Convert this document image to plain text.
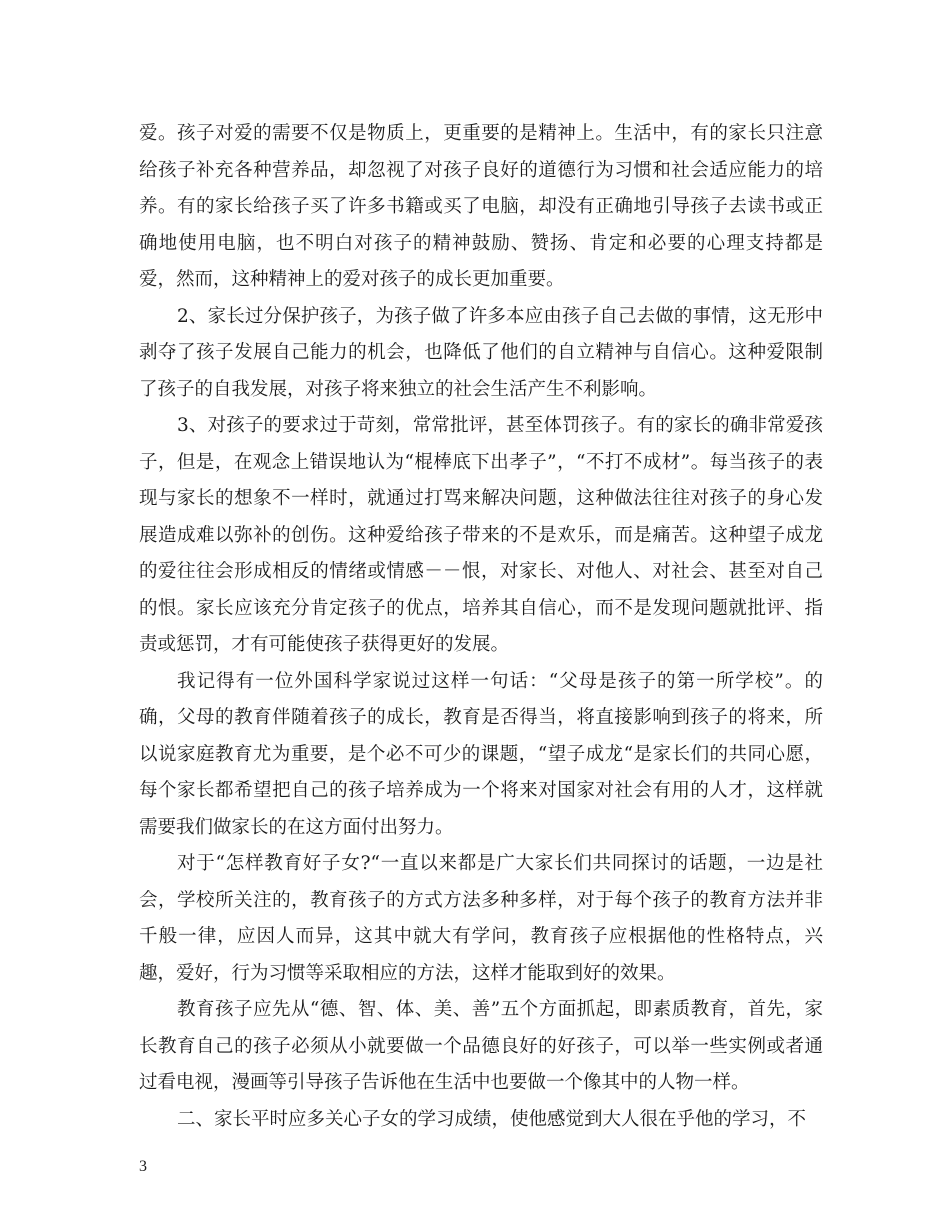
爱。孩子对爱的需要不仅是物质上，更重要的是精神上。生活中，有的家长只注意给孩子补充各种营养品，却忽视了对孩子良好的道德行为习惯和社会适应能力的培养。有的家长给孩子买了许多书籍或买了电脑，却没有正确地引导孩子去读书或正确地使用电脑，也不明白对孩子的精神鼓励、赞扬、肯定和必要的心理支持都是爱，然而，这种精神上的爱对孩子的成长更加重要。

2、家长过分保护孩子，为孩子做了许多本应由孩子自己去做的事情，这无形中剥夺了孩子发展自己能力的机会，也降低了他们的自立精神与自信心。这种爱限制了孩子的自我发展，对孩子将来独立的社会生活产生不利影响。

3、对孩子的要求过于苛刻，常常批评，甚至体罚孩子。有的家长的确非常爱孩子，但是，在观念上错误地认为“棍棒底下出孝子”，“不打不成材”。每当孩子的表现与家长的想象不一样时，就通过打骂来解决问题，这种做法往往对孩子的身心发展造成难以弥补的创伤。这种爱给孩子带来的不是欢乐，而是痛苦。这种望子成龙的爱往往会形成相反的情绪或情感－－恨，对家长、对他人、对社会、甚至对自己的恨。家长应该充分肯定孩子的优点，培养其自信心，而不是发现问题就批评、指责或惩罚，才有可能使孩子获得更好的发展。

我记得有一位外国科学家说过这样一句话：“父母是孩子的第一所学校”。的确，父母的教育伴随着孩子的成长，教育是否得当，将直接影响到孩子的将来，所以说家庭教育尤为重要，是个必不可少的课题，“望子成龙“是家长们的共同心愿，每个家长都希望把自己的孩子培养成为一个将来对国家对社会有用的人才，这样就需要我们做家长的在这方面付出努力。

对于“怎样教育好子女?“一直以来都是广大家长们共同探讨的话题，一边是社会，学校所关注的，教育孩子的方式方法多种多样，对于每个孩子的教育方法并非千般一律，应因人而异，这其中就大有学问，教育孩子应根据他的性格特点，兴趣，爱好，行为习惯等采取相应的方法，这样才能取到好的效果。

教育孩子应先从“德、智、体、美、善”五个方面抓起，即素质教育，首先，家长教育自己的孩子必须从小就要做一个品德良好的好孩子，可以举一些实例或者通过看电视，漫画等引导孩子告诉他在生活中也要做一个像其中的人物一样。

二、家长平时应多关心子女的学习成绩，使他感觉到大人很在乎他的学习，不

3
